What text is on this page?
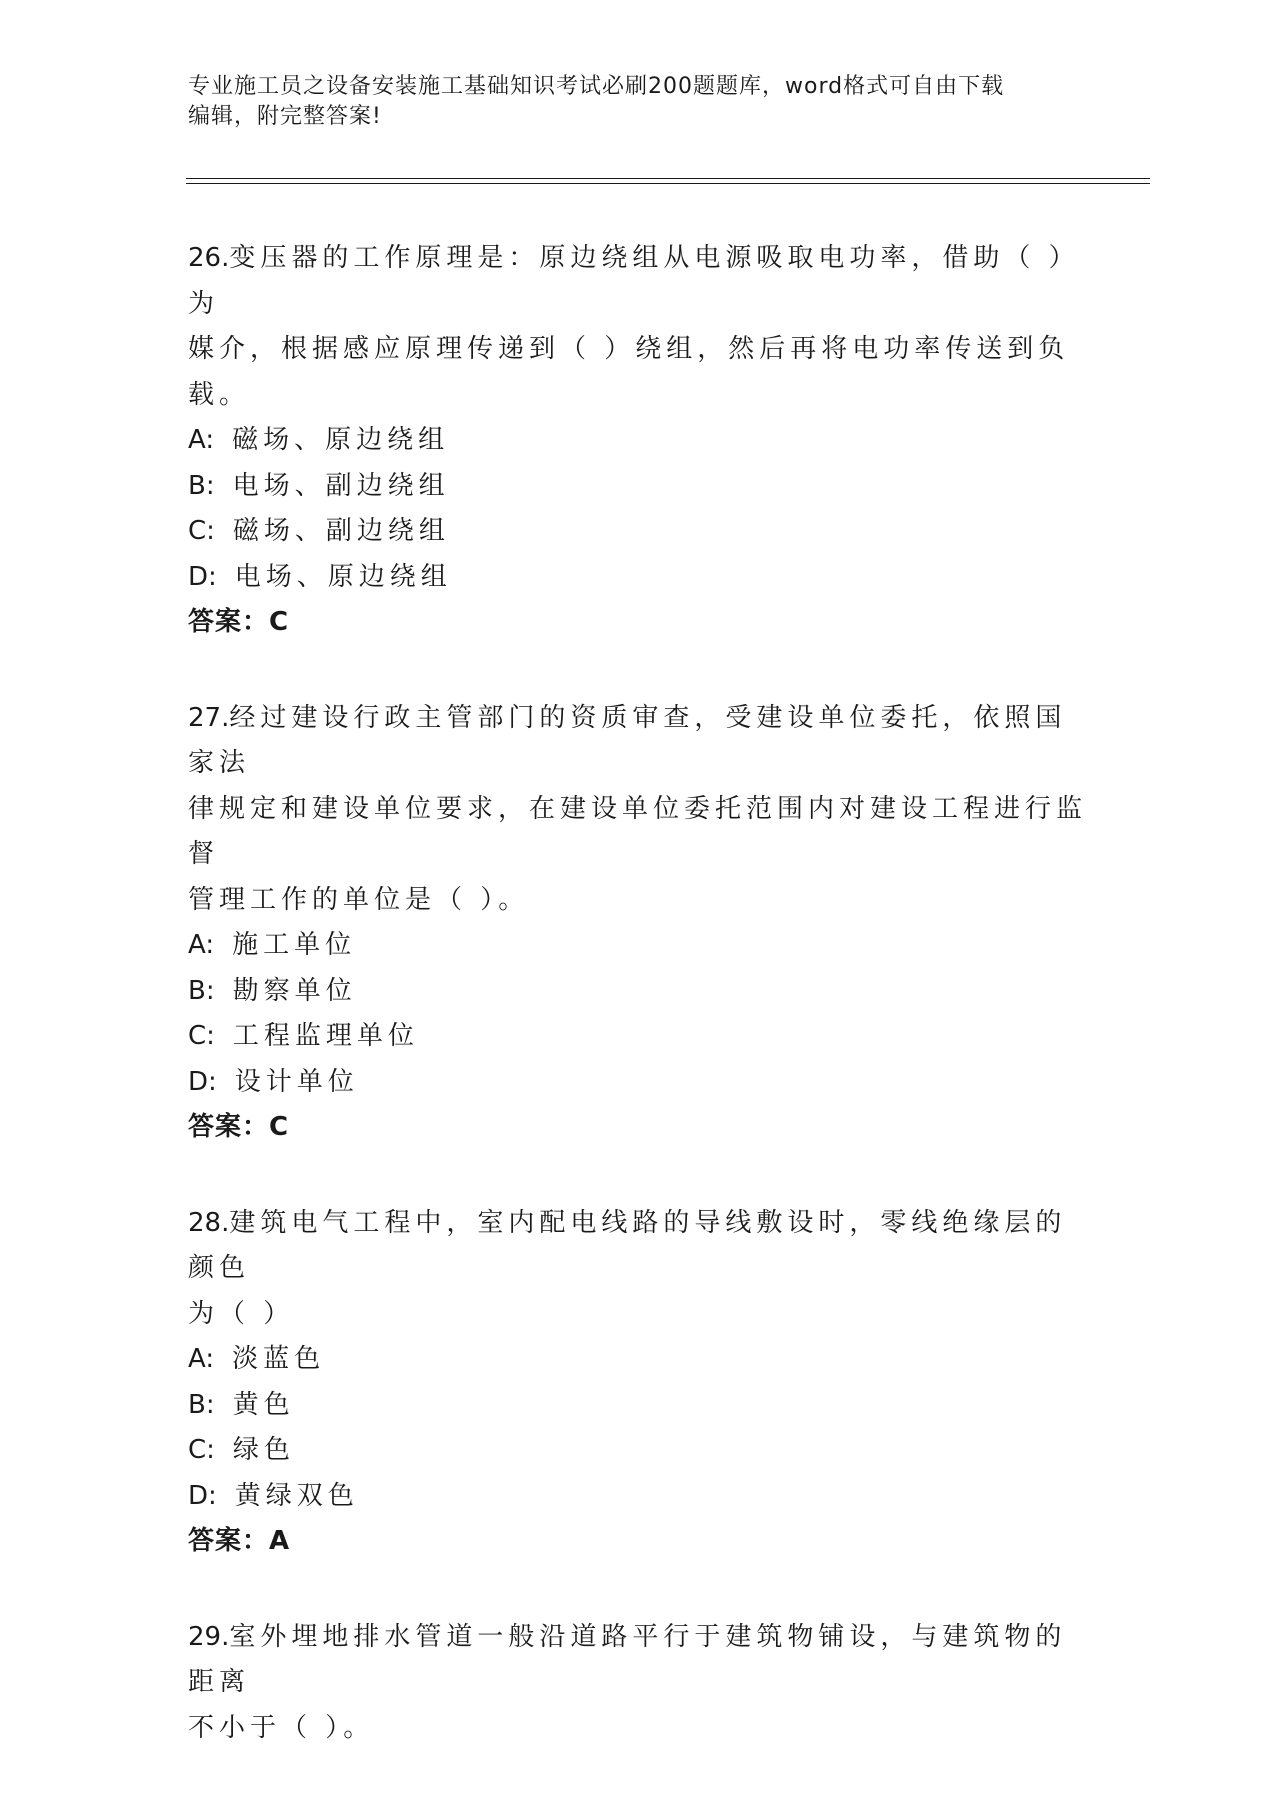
专业施工员之设备安装施工基础知识考试必刷200题题库，word格式可自由下载
编辑，附完整答案!
26.变压器的工作原理是：原边绕组从电源吸取电功率，借助（ ）为
媒介，根据感应原理传递到（ ）绕组，然后再将电功率传送到负载。
A: 磁场、原边绕组
B: 电场、副边绕组
C: 磁场、副边绕组
D: 电场、原边绕组
答案：C
27.经过建设行政主管部门的资质审查，受建设单位委托，依照国家法
律规定和建设单位要求，在建设单位委托范围内对建设工程进行监督
管理工作的单位是（ ）。
A: 施工单位
B: 勘察单位
C: 工程监理单位
D: 设计单位
答案：C
28.建筑电气工程中，室内配电线路的导线敷设时，零线绝缘层的颜色
为（ ）
A: 淡蓝色
B: 黄色
C: 绿色
D: 黄绿双色
答案：A
29.室外埋地排水管道一般沿道路平行于建筑物铺设，与建筑物的距离
不小于（ ）。
